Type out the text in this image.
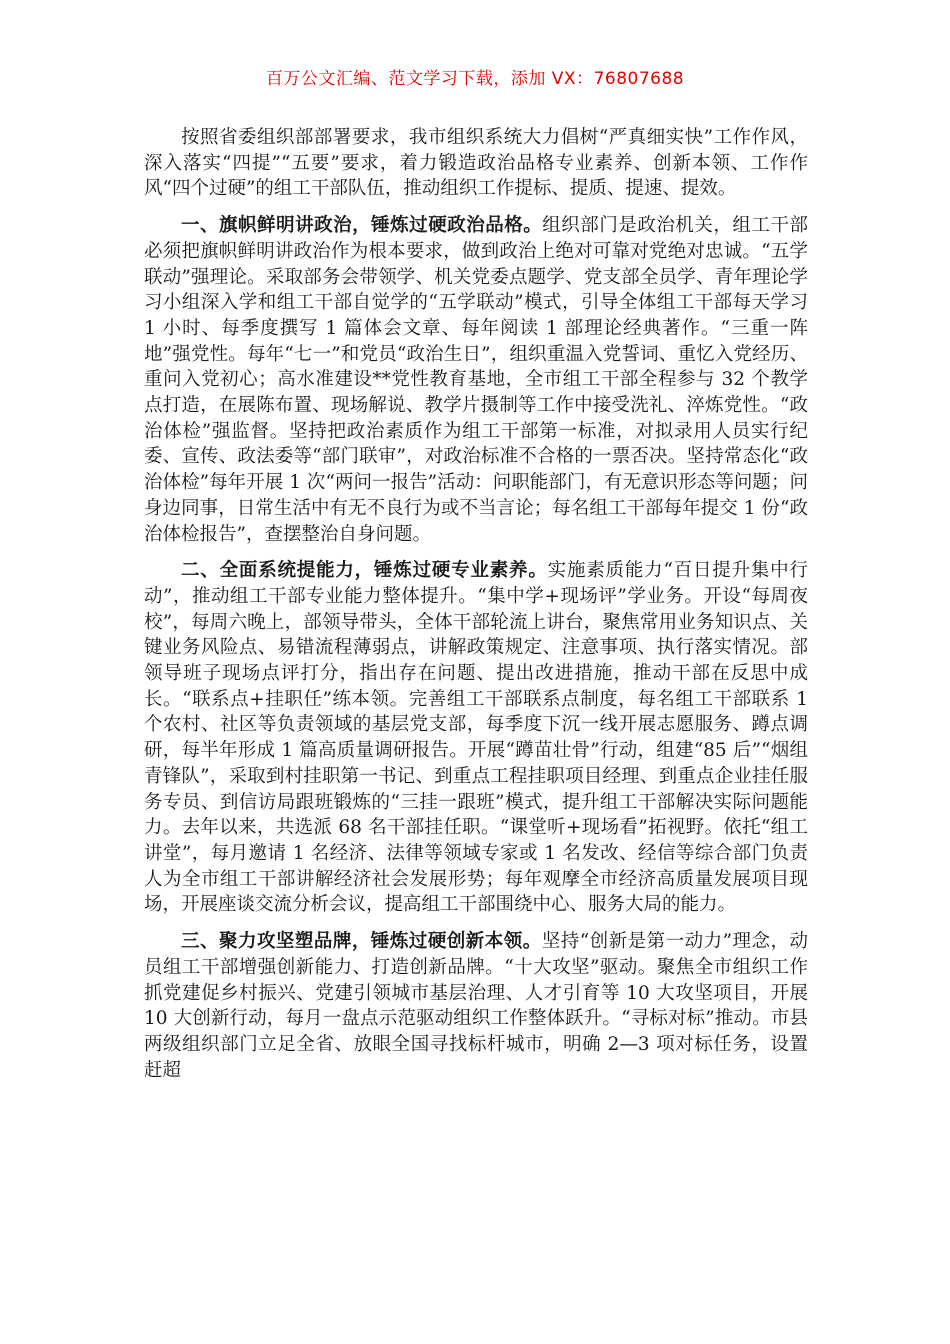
百万公文汇编、范文学习下载，添加 VX：76807688

按照省委组织部部署要求，我市组织系统大力倡树“严真细实快”工作作风，深入落实“四提”“五要”要求，着力锻造政治品格专业素养、创新本领、工作作风“四个过硬”的组工干部队伍，推动组织工作提标、提质、提速、提效。

一、旗帜鲜明讲政治，锤炼过硬政治品格。组织部门是政治机关，组工干部必须把旗帜鲜明讲政治作为根本要求，做到政治上绝对可靠对党绝对忠诚。“五学联动”强理论。采取部务会带领学、机关党委点题学、党支部全员学、青年理论学习小组深入学和组工干部自觉学的“五学联动”模式，引导全体组工干部每天学习 1 小时、每季度撰写 1 篇体会文章、每年阅读 1 部理论经典著作。“三重一阵地”强党性。每年“七一”和党员“政治生日”，组织重温入党誓词、重忆入党经历、重问入党初心；高水准建设**党性教育基地，全市组工干部全程参与 32 个教学点打造，在展陈布置、现场解说、教学片摄制等工作中接受洗礼、淬炼党性。“政治体检”强监督。坚持把政治素质作为组工干部第一标准，对拟录用人员实行纪委、宣传、政法委等“部门联审”，对政治标准不合格的一票否决。坚持常态化“政治体检”每年开展 1 次“两问一报告”活动：问职能部门，有无意识形态等问题；问身边同事，日常生活中有无不良行为或不当言论；每名组工干部每年提交 1 份“政治体检报告”，查摆整治自身问题。

二、全面系统提能力，锤炼过硬专业素养。实施素质能力“百日提升集中行动”，推动组工干部专业能力整体提升。“集中学+现场评”学业务。开设“每周夜校”，每周六晚上，部领导带头，全体干部轮流上讲台，聚焦常用业务知识点、关键业务风险点、易错流程薄弱点，讲解政策规定、注意事项、执行落实情况。部领导班子现场点评打分，指出存在问题、提出改进措施，推动干部在反思中成长。“联系点+挂职任”练本领。完善组工干部联系点制度，每名组工干部联系 1 个农村、社区等负责领域的基层党支部，每季度下沉一线开展志愿服务、蹲点调研，每半年形成 1 篇高质量调研报告。开展“蹲苗壮骨”行动，组建“85 后”“烟组青锋队”，采取到村挂职第一书记、到重点工程挂职项目经理、到重点企业挂任服务专员、到信访局跟班锻炼的“三挂一跟班”模式，提升组工干部解决实际问题能力。去年以来，共选派 68 名干部挂任职。“课堂听+现场看”拓视野。依托“组工讲堂”，每月邀请 1 名经济、法律等领域专家或 1 名发改、经信等综合部门负责人为全市组工干部讲解经济社会发展形势；每年观摩全市经济高质量发展项目现场，开展座谈交流分析会议，提高组工干部围绕中心、服务大局的能力。

三、聚力攻坚塑品牌，锤炼过硬创新本领。坚持“创新是第一动力”理念，动员组工干部增强创新能力、打造创新品牌。“十大攻坚”驱动。聚焦全市组织工作抓党建促乡村振兴、党建引领城市基层治理、人才引育等 10 大攻坚项目，开展 10 大创新行动，每月一盘点示范驱动组织工作整体跃升。“寻标对标”推动。市县两级组织部门立足全省、放眼全国寻找标杆城市，明确 2—3 项对标任务，设置赶超
